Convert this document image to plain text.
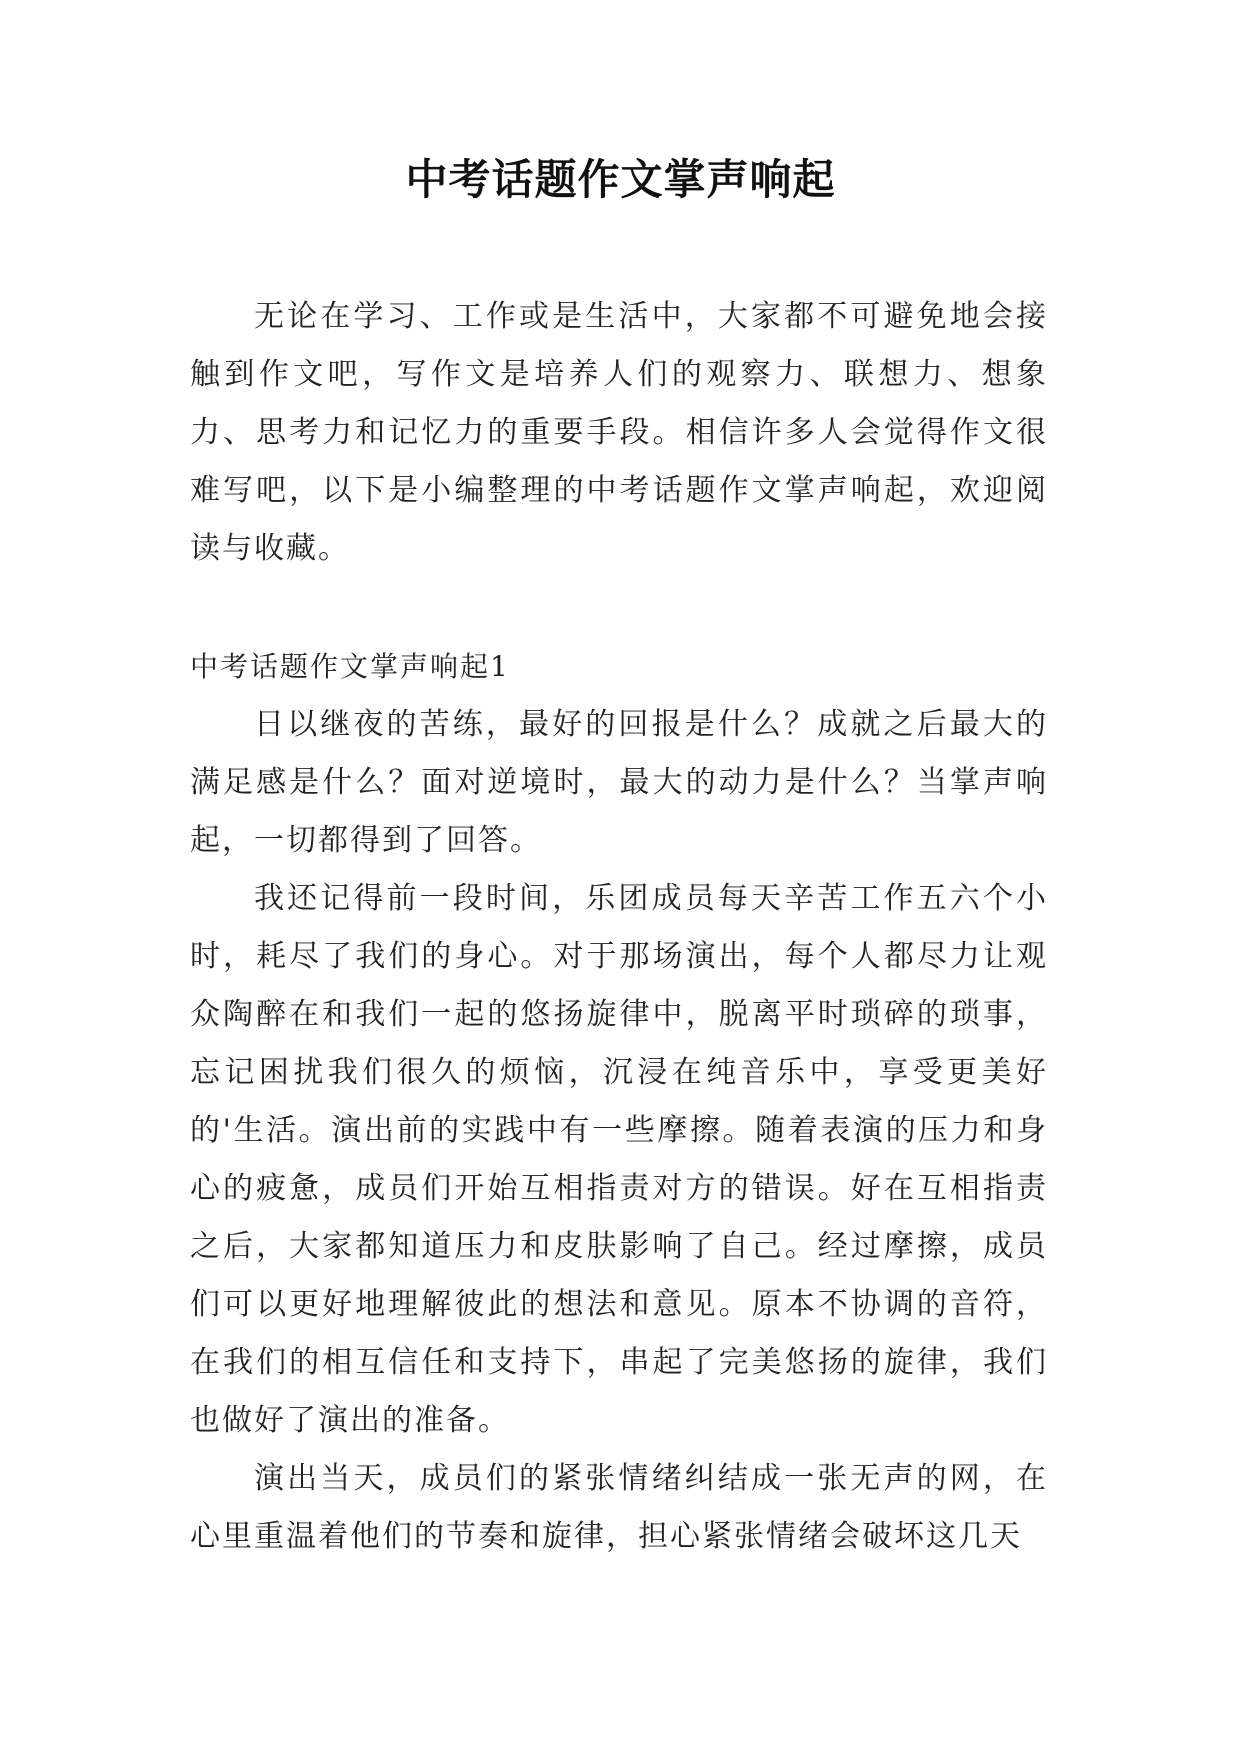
中考话题作文掌声响起

无论在学习、工作或是生活中，大家都不可避免地会接触到作文吧，写作文是培养人们的观察力、联想力、想象力、思考力和记忆力的重要手段。相信许多人会觉得作文很难写吧，以下是小编整理的中考话题作文掌声响起，欢迎阅读与收藏。

中考话题作文掌声响起1

日以继夜的苦练，最好的回报是什么？成就之后最大的满足感是什么？面对逆境时，最大的动力是什么？当掌声响起，一切都得到了回答。

我还记得前一段时间，乐团成员每天辛苦工作五六个小时，耗尽了我们的身心。对于那场演出，每个人都尽力让观众陶醉在和我们一起的悠扬旋律中，脱离平时琐碎的琐事，忘记困扰我们很久的烦恼，沉浸在纯音乐中，享受更美好的'生活。演出前的实践中有一些摩擦。随着表演的压力和身心的疲惫，成员们开始互相指责对方的错误。好在互相指责之后，大家都知道压力和皮肤影响了自己。经过摩擦，成员们可以更好地理解彼此的想法和意见。原本不协调的音符，在我们的相互信任和支持下，串起了完美悠扬的旋律，我们也做好了演出的准备。

演出当天，成员们的紧张情绪纠结成一张无声的网，在心里重温着他们的节奏和旋律，担心紧张情绪会破坏这几天
